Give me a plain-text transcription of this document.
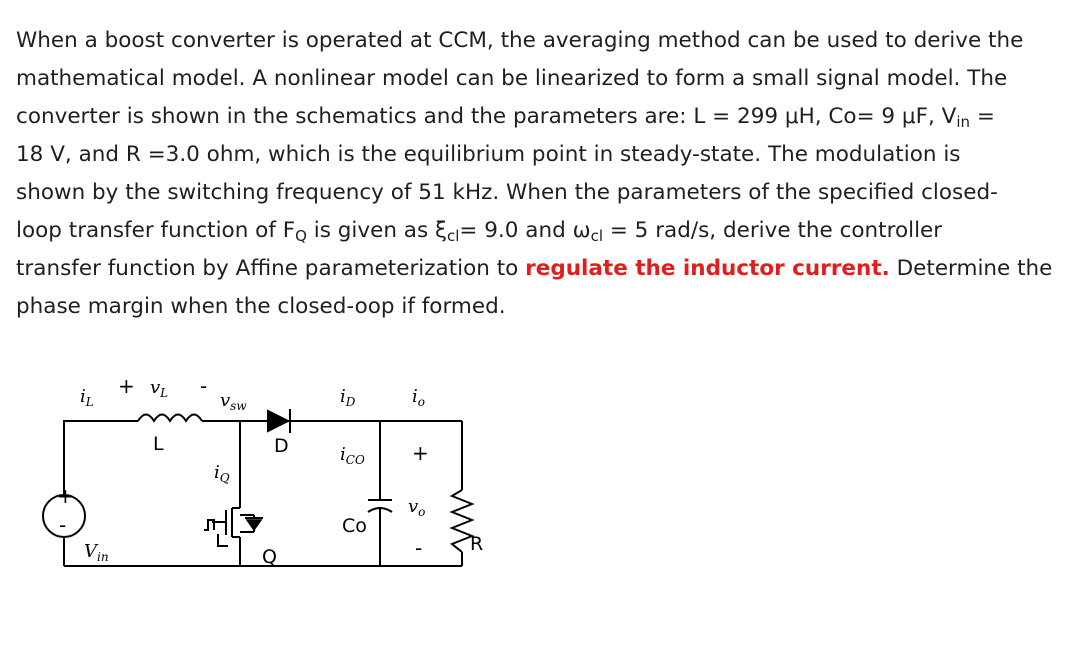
When a boost converter is operated at CCM, the averaging method can be used to derive the
mathematical model. A nonlinear model can be linearized to form a small signal model. The
converter is shown in the schematics and the parameters are: L = 299 μH, Co= 9 μF, $V_{in}$ =
18 V, and R =3.0 ohm, which is the equilibrium point in steady-state. The modulation is
shown by the switching frequency of 51 kHz. When the parameters of the specified closed-
loop transfer function of $F_Q$ is given as $\xi_{cl}= 9.0$ and $\omega_{cl} = 5$ rad/s, derive the controller
transfer function by Affine parameterization to regulate the inductor current. Determine the
phase margin when the closed-oop if formed.
+
-
$V_{in}$
L
$i_L$
+ $v_L$ -
$v_{sw}$
D
$i_D$	$i_o$
Q
$i_Q$
Co
$i_{CO}$ +
$v_o$
-	R
